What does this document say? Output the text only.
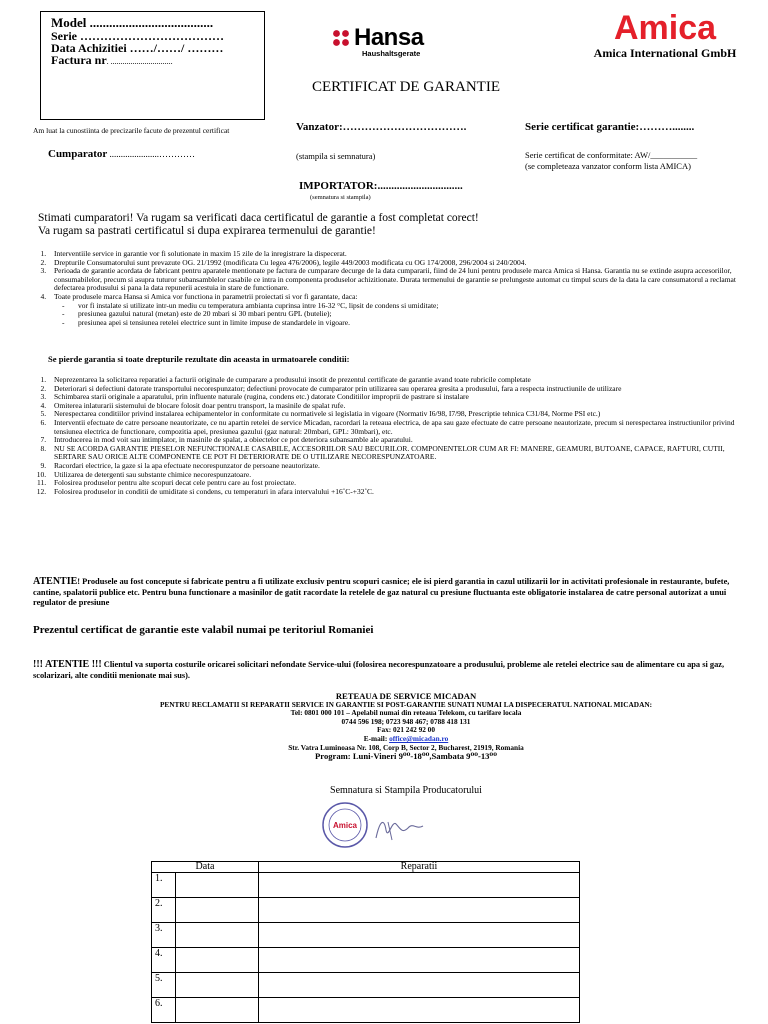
Model ......................................
Serie ………………………………
Data Achizitiei ……/……/ ………
Factura nr. ...............................
Hansa
Haushaltsgerate
Amica
Amica International GmbH
CERTIFICAT DE GARANTIE
Am luat la cunostiinta de precizarile facute de prezentul certificat	Vanzator:…………………………….	Serie certificat garantie:………........
Cumparator ......................…………	(stampila si semnatura)	Serie certificat de conformitate: AW/___________
(se completeaza vanzator conform lista AMICA)
IMPORTATOR:...............................
(semnatura si stampila)
Stimati cumparatori! Va rugam sa verificati daca certificatul de garantie a fost completat corect!
Va rugam sa pastrati certificatul si dupa expirarea termenului de garantie!
1. Interventiile service in garantie vor fi solutionate in maxim 15 zile de la inregistrare la dispecerat.
2. Drepturile Consumatorului sunt prevazute OG. 21/1992 (modificata Cu legea 476/2006), legile 449/2003 modificata cu OG 174/2008, 296/2004 si 240/2004.
3. Perioada de garantie acordata de fabricant pentru aparatele mentionate pe factura de cumparare decurge de la data cumpararii, fiind de 24 luni pentru produsele marca Amica si Hansa. Garantia nu se extinde asupra accesoriilor, consumabilelor, precum si asupra tuturor subansamblelor casabile ce intra in componenta produselor achizitionate. Durata termenului de garantie se prelungeste automat cu timpul scurs de la data la care consumatorul a reclamat defectarea produsului si pana la data repunerii acestuia in stare de functionare.
4. Toate produsele marca Hansa si Amica vor functiona in parametrii proiectati si vor fi garantate, daca:
- vor fi instalate si utilizate intr-un mediu cu temperatura ambianta cuprinsa intre 16-32 °C, lipsit de condens si umiditate;
- presiunea gazului natural (metan) este de 20 mbari si 30 mbari pentru GPL (butelie);
- presiunea apei si tensiunea retelei electrice sunt in limite impuse de standardele in vigoare.
Se pierde garantia si toate drepturile rezultate din aceasta in urmatoarele conditii:
1. Neprezentarea la solicitarea reparatiei a facturii originale de cumparare a produsului insotit de prezentul certificate de garantie avand toate rubricile completate
2. Deteriorari si defectiuni datorate transportului necorespunzator; defectiuni provocate de cumparator prin utilizarea sau operarea gresita a produsului, fara a respecta instructiunile de utilizare
3. Schimbarea starii originale a aparatului, prin influente naturale (rugina, condens etc.) datorate Conditiilor improprii de pastrare si instalare
4. Omiterea inlaturarii sistemului de blocare folosit doar pentru transport, la masinile de spalat rufe.
5. Nerespectarea conditiilor privind instalarea echipamentelor in conformitate cu normativele si legislatia in vigoare (Normativ I6/98, I7/98, Prescriptie tehnica C31/84, Norme PSI etc.)
6. Interventii efectuate de catre persoane neautorizate, ce nu apartin retelei de service Micadan, racordari la reteaua electrica, de apa sau gaze efectuate de catre persoane neautorizate, precum si nerespectarea instructiunilor privind tensiunea electrica de functionare, compozitia apei, presiunea gazului (gaz natural: 20mbari, GPL: 30mbari), etc.
7. Introducerea in mod voit sau intimplator, in masinile de spalat, a obiectelor ce pot deteriora subansamble ale aparatului.
8. NU SE ACORDA GARANTIE PIESELOR NEFUNCTIONALE CASABILE, ACCESORIILOR SAU BECURILOR. COMPONENTELOR CUM AR FI: MANERE, GEAMURI, BUTOANE, CAPACE, RAFTURI, CUTII, SERTARE SAU ORICE ALTE COMPONENTE CE POT FI DETERIORATE DE O UTILIZARE NECORESPUNZATOARE.
9. Racordari electrice, la gaze si la apa efectuate necorespunzator de persoane neautorizate.
10. Utilizarea de detergenti sau substante chimice necorespunzatoare.
11. Folosirea produselor pentru alte scopuri decat cele pentru care au fost proiectate.
12. Folosirea produselor in conditii de umiditate si condens, cu temperaturi in afara intervalului +16˚C-+32˚C.
ATENTIE! Produsele au fost concepute si fabricate pentru a fi utilizate exclusiv pentru scopuri casnice; ele isi pierd garantia in cazul utilizarii lor in activitati profesionale in restaurante, bufete, cantine, spalatorii publice etc. Pentru buna functionare a masinilor de gatit racordate la retelele de gaz natural cu presiune fluctuanta este obligatorie instalarea de catre personal autorizat a unui regulator de presiune
Prezentul certificat de garantie este valabil numai pe teritoriul Romaniei
!!! ATENTIE !!! Clientul va suporta costurile oricarei solicitari nefondate Service-ului (folosirea necorespunzatoare a produsului, probleme ale retelei electrice sau de alimentare cu apa si gaz, scolarizari, alte conditii menionate mai sus).
RETEAUA DE SERVICE MICADAN
PENTRU RECLAMATII SI REPARATII SERVICE IN GARANTIE SI POST-GARANTIE SUNATI NUMAI LA DISPECERATUL NATIONAL MICADAN:
Tel: 0801 000 101 – Apelabil numai din reteaua Telekom, cu tarifare locala
0744 596 198; 0723 948 467; 0788 418 131
Fax: 021 242 92 00
E-mail: office@micadan.ro
Str. Vatra Luminoasa Nr. 108, Corp B, Sector 2, Bucharest, 21919, Romania
Program: Luni-Vineri 9⁰⁰-18⁰⁰,Sambata 9⁰⁰-13⁰⁰
Semnatura si Stampila Producatorului
Amica
Data	Reparatii

1.	

2.	

3.	

4.	

5.	

6.	
